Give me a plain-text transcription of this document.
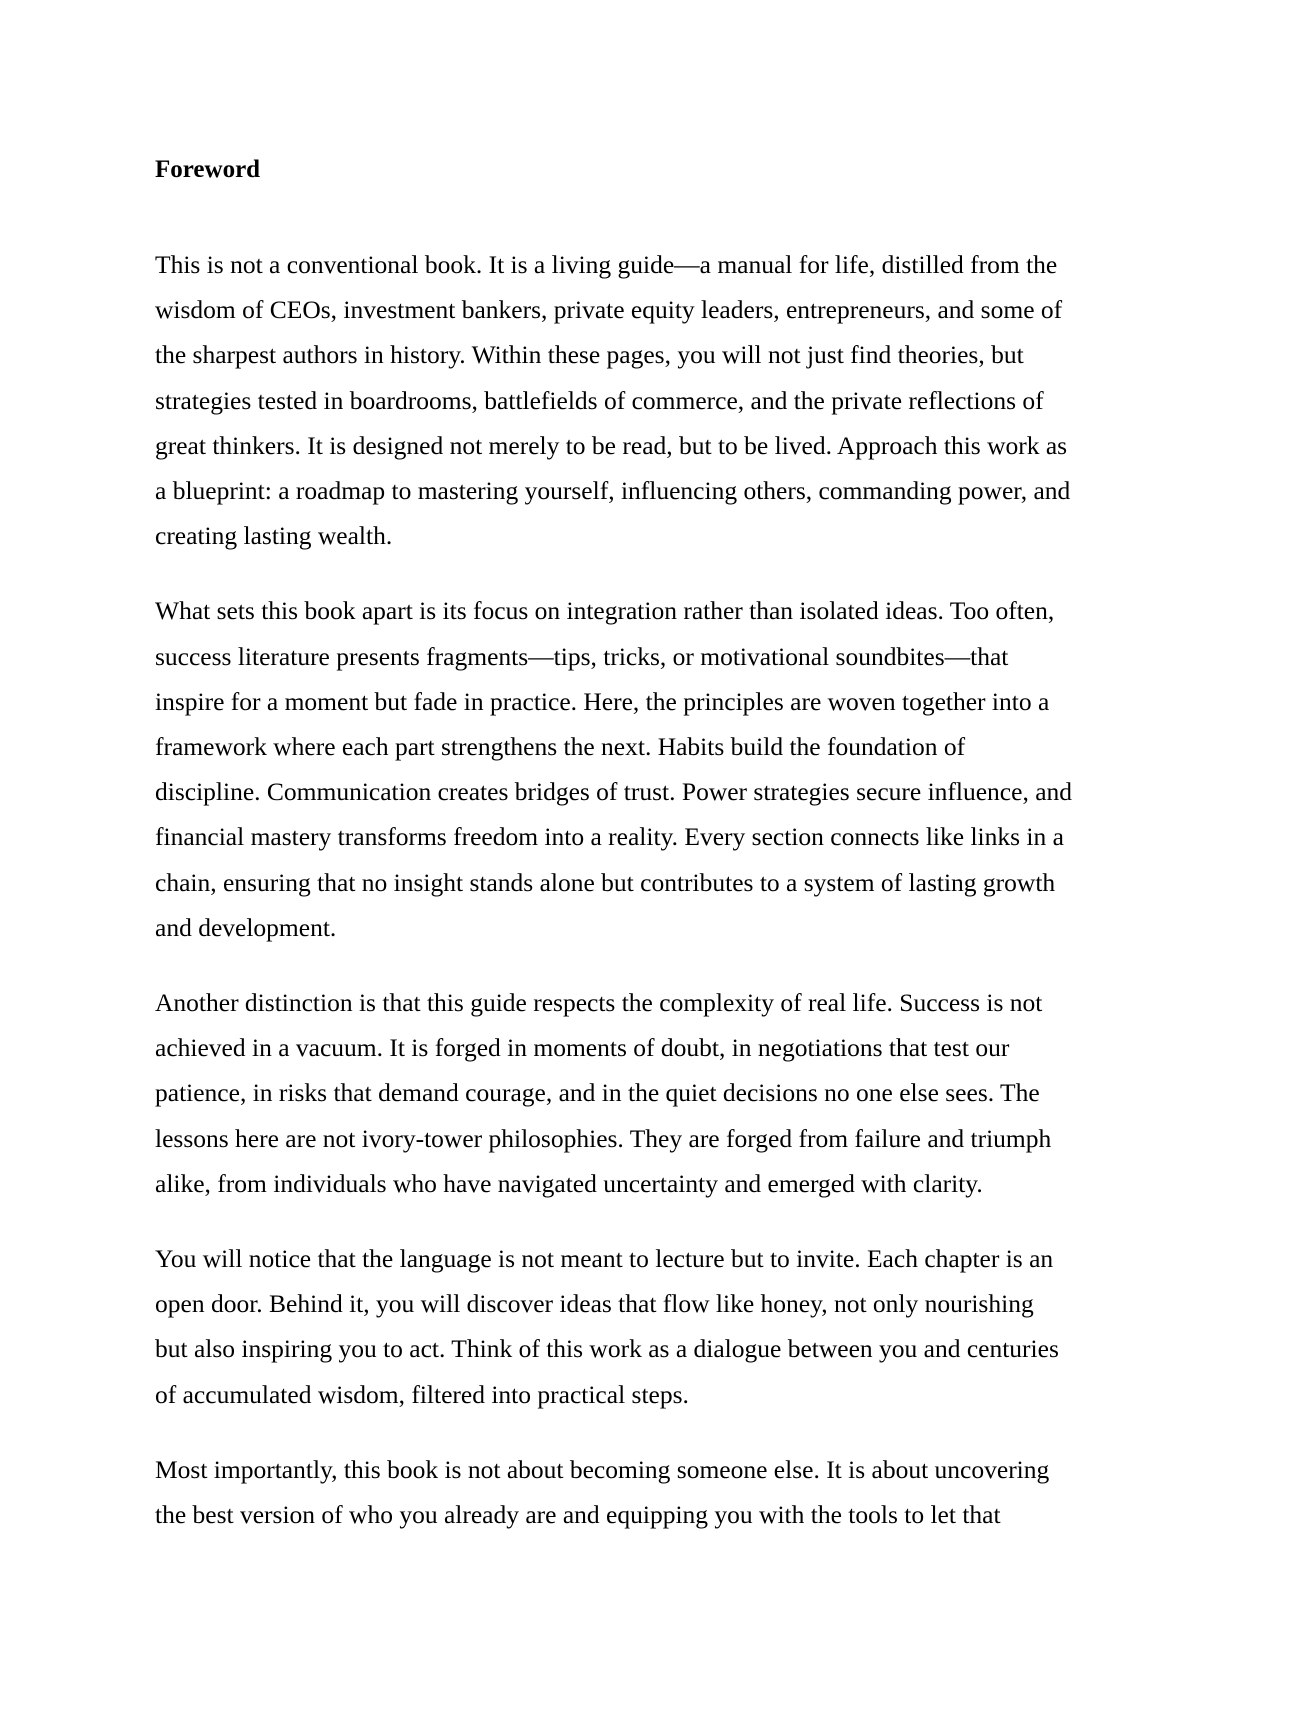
Foreword
This is not a conventional book. It is a living guide—a manual for life, distilled from the
wisdom of CEOs, investment bankers, private equity leaders, entrepreneurs, and some of
the sharpest authors in history. Within these pages, you will not just find theories, but
strategies tested in boardrooms, battlefields of commerce, and the private reflections of
great thinkers. It is designed not merely to be read, but to be lived. Approach this work as
a blueprint: a roadmap to mastering yourself, influencing others, commanding power, and
creating lasting wealth.
What sets this book apart is its focus on integration rather than isolated ideas. Too often,
success literature presents fragments—tips, tricks, or motivational soundbites—that
inspire for a moment but fade in practice. Here, the principles are woven together into a
framework where each part strengthens the next. Habits build the foundation of
discipline. Communication creates bridges of trust. Power strategies secure influence, and
financial mastery transforms freedom into a reality. Every section connects like links in a
chain, ensuring that no insight stands alone but contributes to a system of lasting growth
and development.
Another distinction is that this guide respects the complexity of real life. Success is not
achieved in a vacuum. It is forged in moments of doubt, in negotiations that test our
patience, in risks that demand courage, and in the quiet decisions no one else sees. The
lessons here are not ivory-tower philosophies. They are forged from failure and triumph
alike, from individuals who have navigated uncertainty and emerged with clarity.
You will notice that the language is not meant to lecture but to invite. Each chapter is an
open door. Behind it, you will discover ideas that flow like honey, not only nourishing
but also inspiring you to act. Think of this work as a dialogue between you and centuries
of accumulated wisdom, filtered into practical steps.
Most importantly, this book is not about becoming someone else. It is about uncovering
the best version of who you already are and equipping you with the tools to let that
